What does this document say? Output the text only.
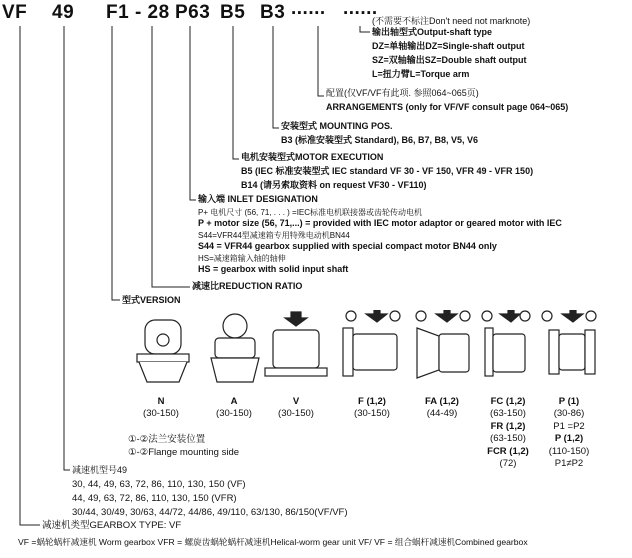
VF 49 F1 - 28 P63 B5 B3 ...... ......
(不需要不标注Don't need not marknote)
输出轴型式Output-shaft type
DZ=单轴输出DZ=Single-shaft output
SZ=双轴输出SZ=Double shaft output
L=扭力臂L=Torque arm
配置(仅VF/VF有此项. 参照064~065页)
ARRANGEMENTS (only for VF/VF consult page 064~065)
安装型式 MOUNTING POS.
B3 (标准安装型式 Standard), B6, B7, B8, V5, V6
电机安装型式MOTOR EXECUTION
B5 (IEC 标准安装型式 IEC standard VF 30 - VF 150, VFR 49 - VFR 150)
B14 (请另索取资料 on request VF30 - VF110)
输入端 INLET DESIGNATION
P+ 电机尺寸 (56, 71, . . . ) =IEC标准电机联接器或齿轮传动电机
P + motor size (56, 71,...) = provided with IEC motor adaptor or geared motor with IEC
S44=VFR44型减速箱专用特殊电动机BN44
S44 = VFR44 gearbox supplied with special compact motor BN44 only
HS=减速箱输入轴的轴伸
HS = gearbox with solid input shaft
减速比REDUCTION RATIO
型式VERSION
N
(30-150)
A
(30-150)
V
(30-150)
F (1,2)
(30-150)
FA (1,2)
(44-49)
FC (1,2)
(63-150)
FR (1,2)
(63-150)
FCR (1,2)
(72)
P (1)
(30-86)
P1 =P2
P (1,2)
(110-150)
P1≠P2
①-②法兰安装位置
①-②Flange mounting side
减速机型号49
30, 44, 49, 63, 72, 86, 110, 130, 150 (VF)
44, 49, 63, 72, 86, 110, 130, 150 (VFR)
30/44, 30/49, 30/63, 44/72, 44/86, 49/110, 63/130, 86/150(VF/VF)
减速机类型GEARBOX TYPE: VF
VF =蜗轮蜗杆减速机 Worm gearbox VFR = 螺旋齿蜗轮蜗杆减速机Helical-worm gear unit VF/ VF = 组合蜗杆减速机Combined gearbox
